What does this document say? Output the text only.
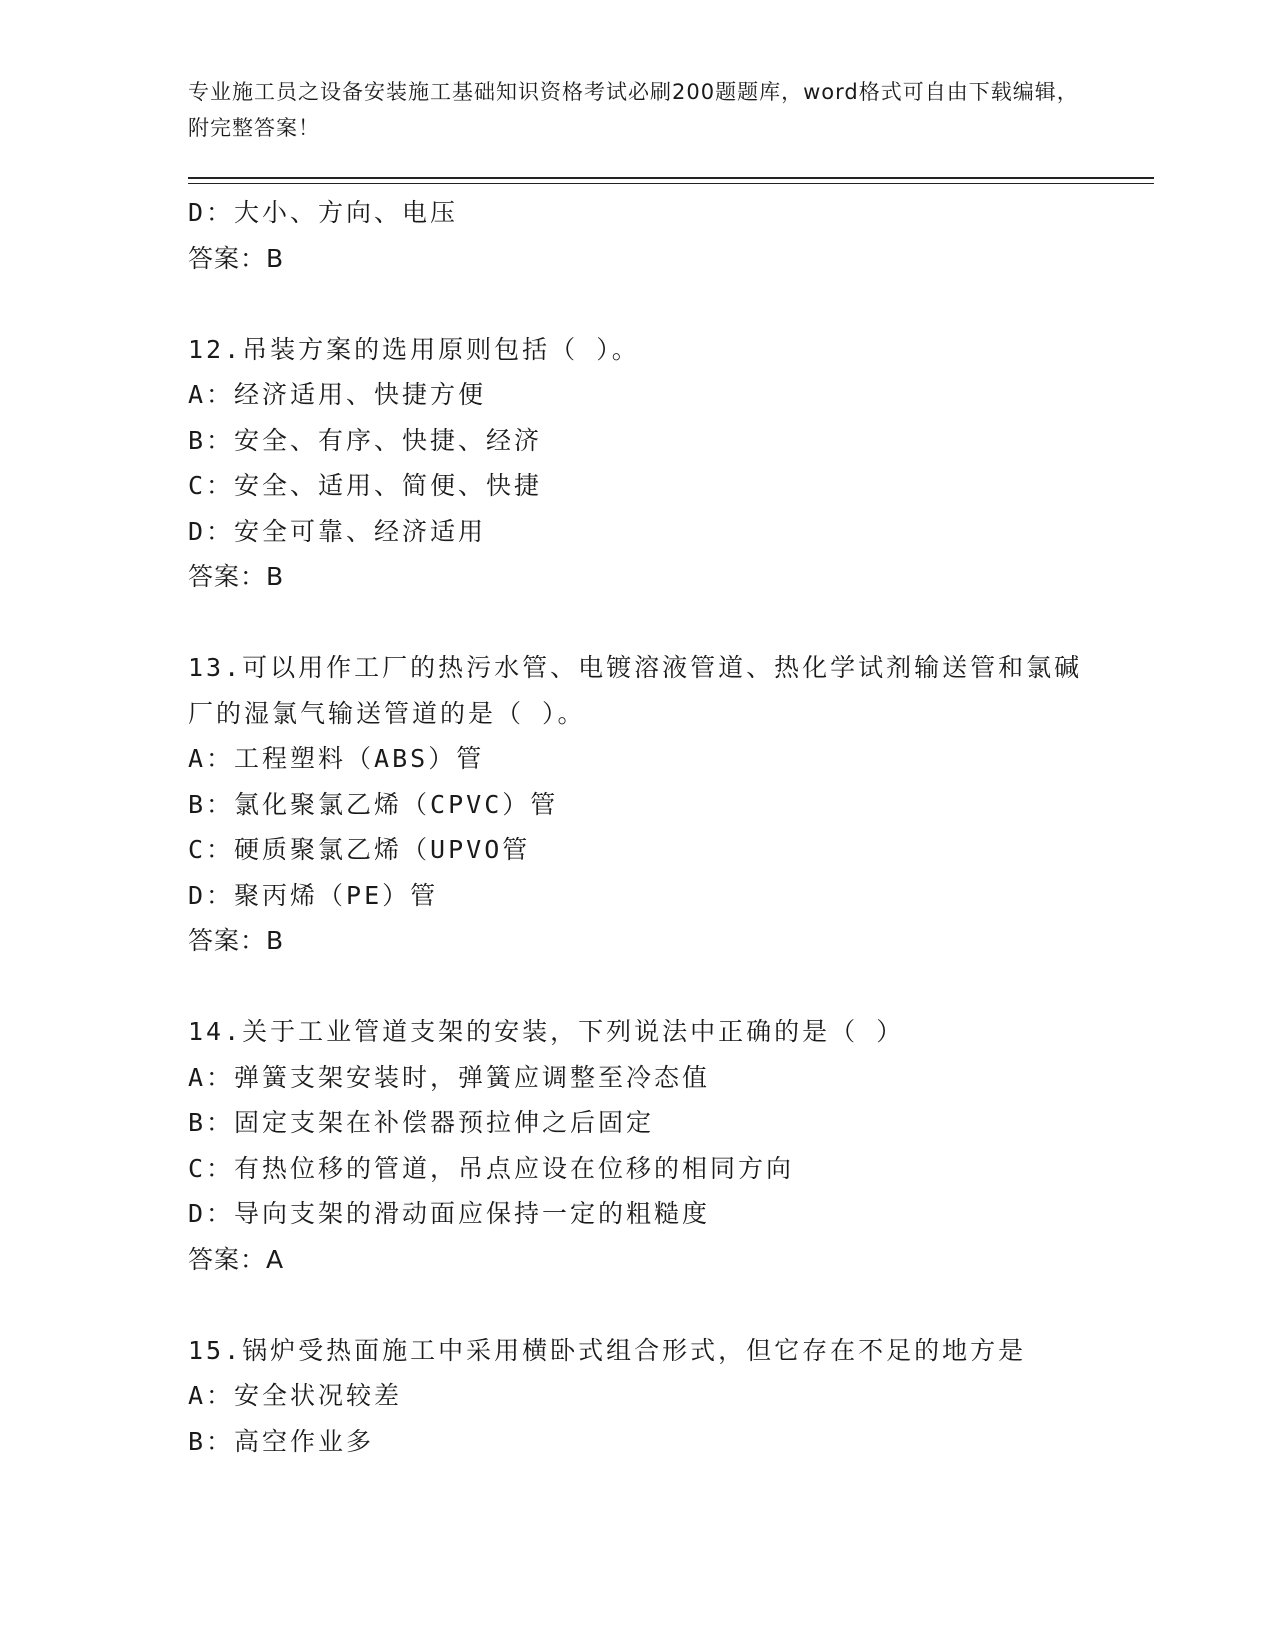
专业施工员之设备安装施工基础知识资格考试必刷200题题库，word格式可自由下载编辑，附完整答案！

D：大小、方向、电压

答案：B

12.吊装方案的选用原则包括（ ）。

A：经济适用、快捷方便

B：安全、有序、快捷、经济

C：安全、适用、简便、快捷

D：安全可靠、经济适用

答案：B

13.可以用作工厂的热污水管、电镀溶液管道、热化学试剂输送管和氯碱厂的湿氯气输送管道的是（ ）。

A：工程塑料（ABS）管

B：氯化聚氯乙烯（CPVC）管

C：硬质聚氯乙烯（UPVO管

D：聚丙烯（PE）管

答案：B

14.关于工业管道支架的安装，下列说法中正确的是（ ）

A：弹簧支架安装时，弹簧应调整至冷态值

B：固定支架在补偿器预拉伸之后固定

C：有热位移的管道，吊点应设在位移的相同方向

D：导向支架的滑动面应保持一定的粗糙度

答案：A

15.锅炉受热面施工中采用横卧式组合形式，但它存在不足的地方是

A：安全状况较差

B：高空作业多
